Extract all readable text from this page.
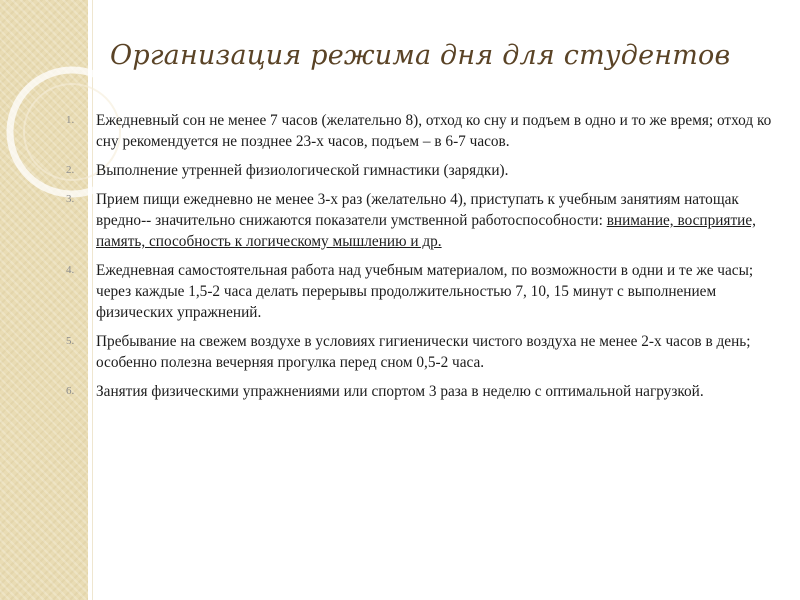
Организация режима дня для студентов
1.	Ежедневный сон не менее 7 часов (желательно 8), отход ко сну и подъем в одно и то же время; отход ко сну рекомендуется не позднее 23-х часов, подъем – в 6-7 часов.
2.	Выполнение утренней физиологической гимнастики (зарядки).
3.	Прием пищи ежедневно не менее 3-х раз (желательно 4), приступать к учебным занятиям натощак вредно-- значительно снижаются показатели умственной работоспособности: внимание, восприятие, память, способность к логическому мышлению и др.
4.	Ежедневная самостоятельная работа над учебным материалом, по возможности в одни и те же часы; через каждые 1,5-2 часа делать перерывы продолжительностью 7, 10, 15 минут с выполнением физических упражнений.
5.	Пребывание на свежем воздухе в условиях гигиенически чистого воздуха не менее 2-х часов в день; особенно полезна вечерняя прогулка перед сном 0,5-2 часа.
6.	Занятия физическими упражнениями или спортом 3 раза в неделю с оптимальной нагрузкой.
